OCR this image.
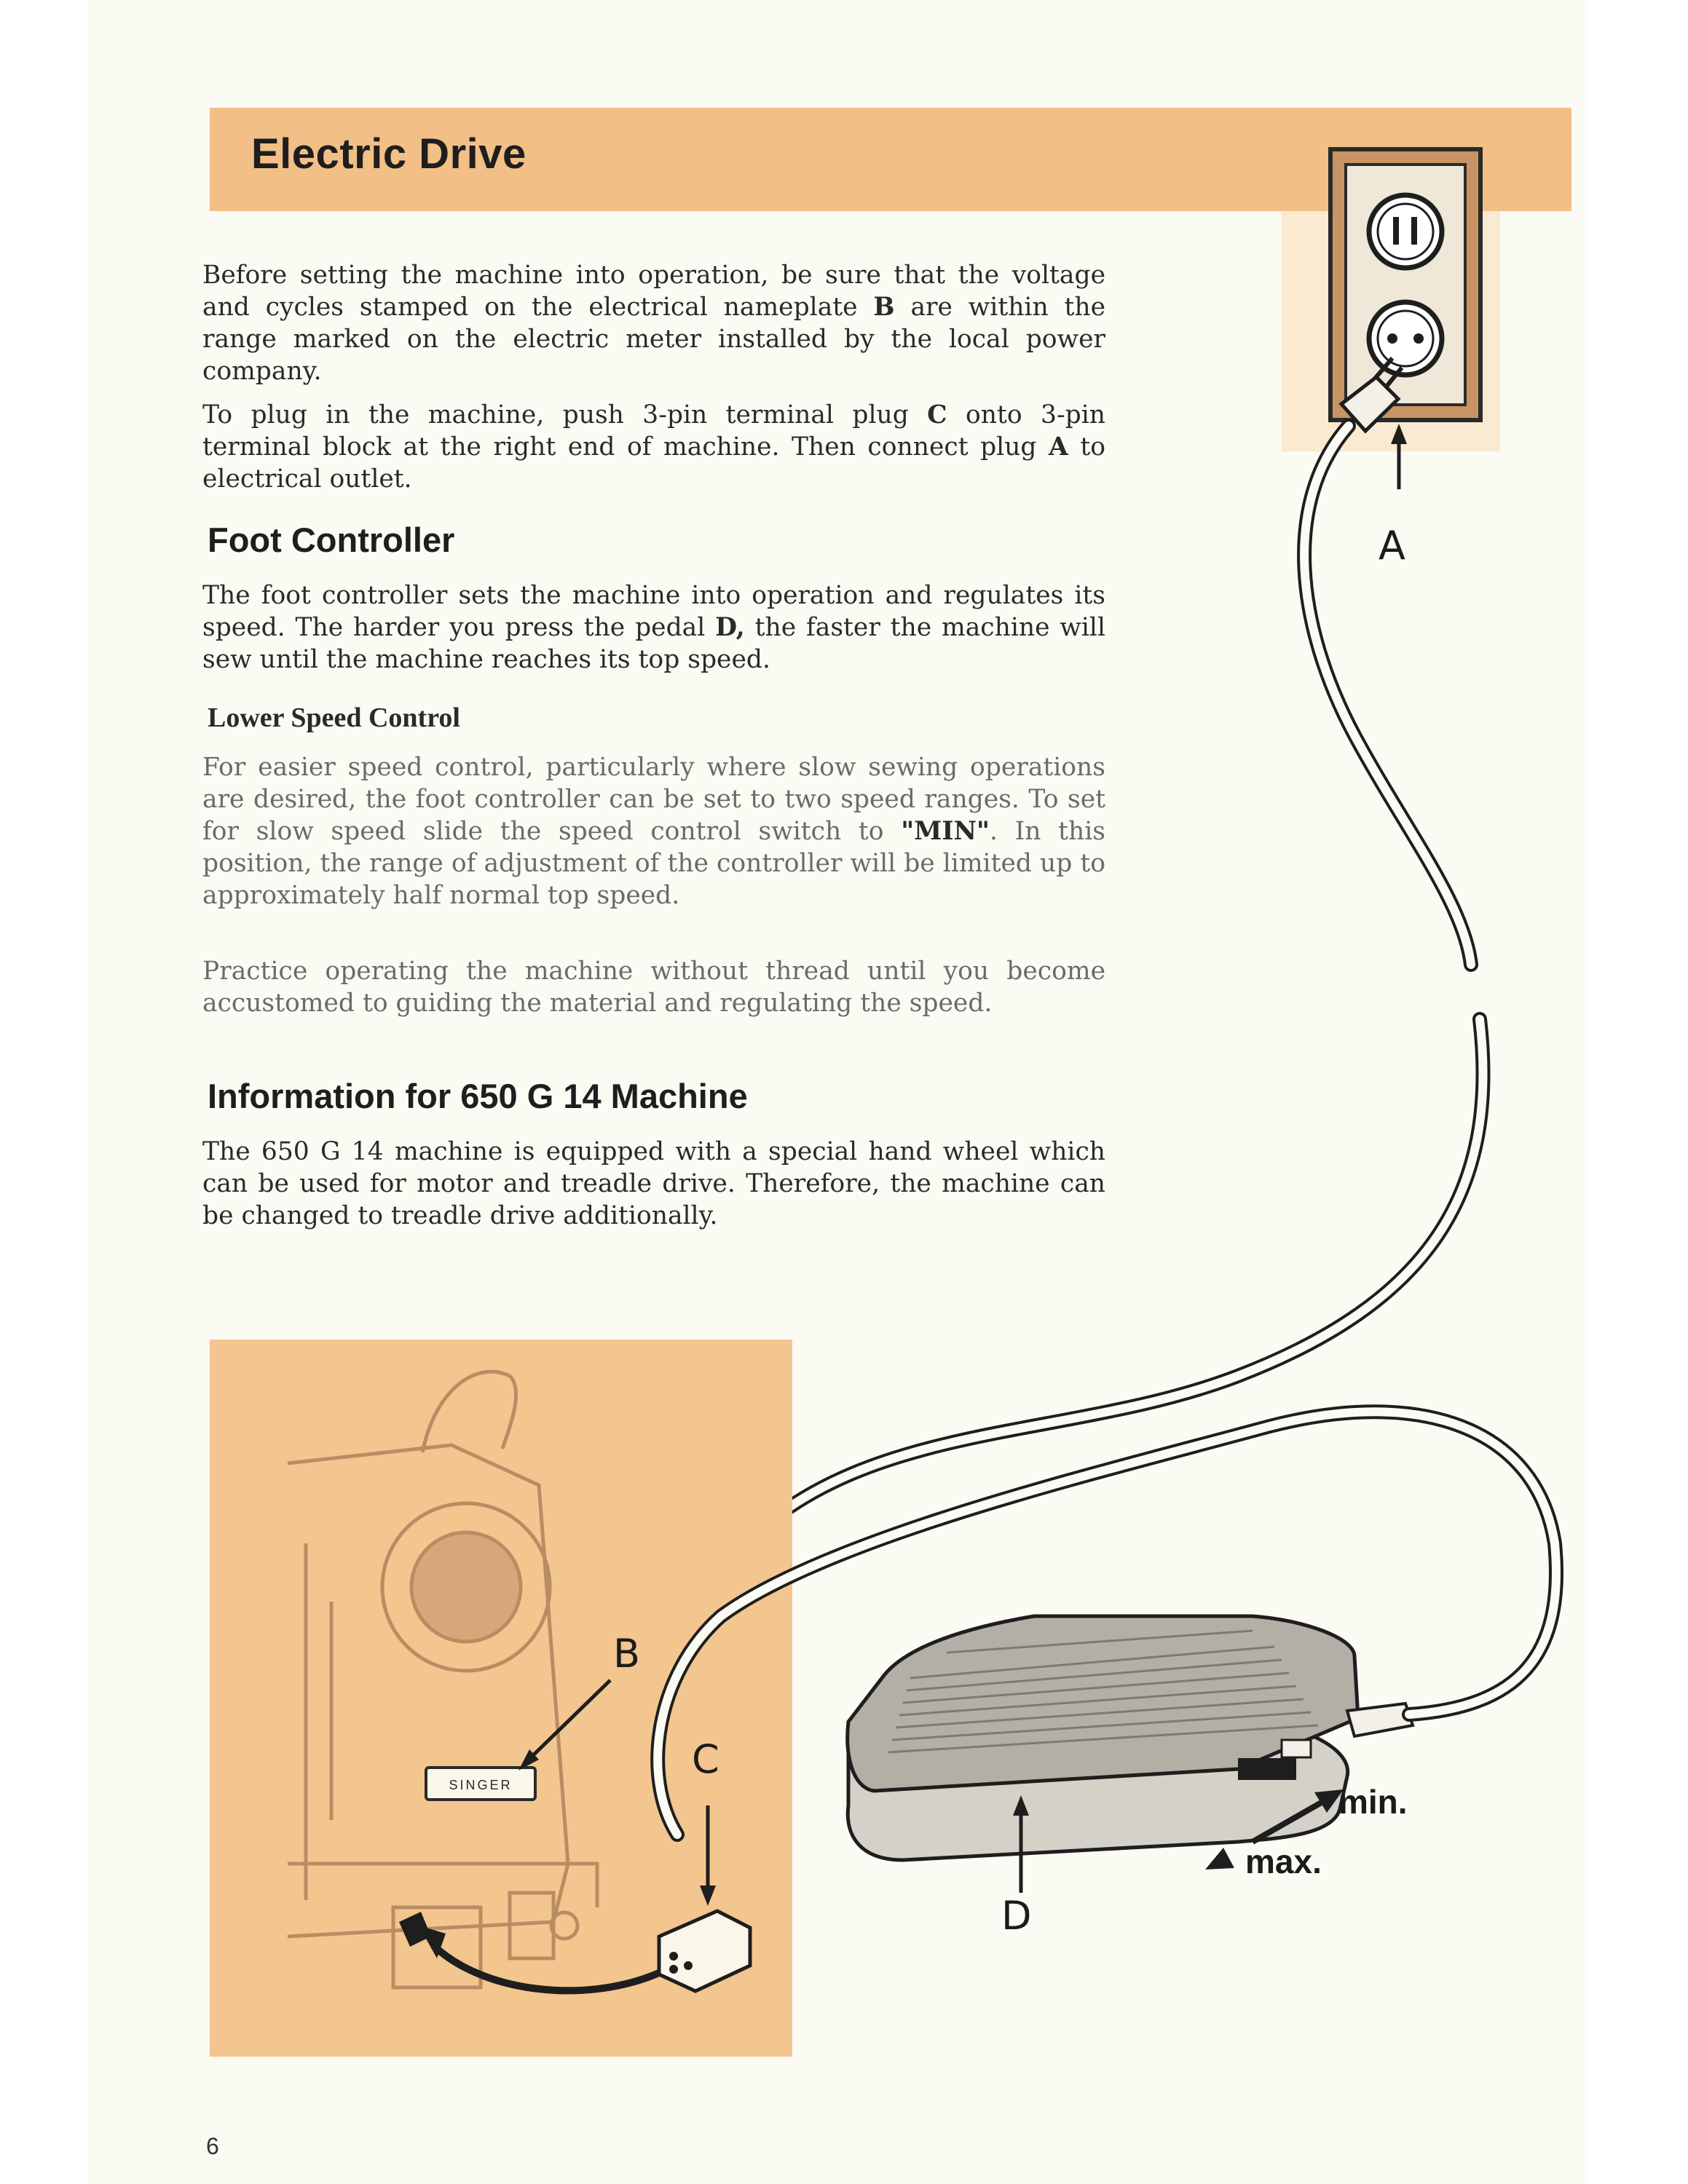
Electric Drive
SINGER

Before setting the machine into operation, be sure that the voltage and cycles stamped on the electrical nameplate B are within the range marked on the electric meter installed by the local power company.

To plug in the machine, push 3-pin terminal plug C onto 3-pin terminal block at the right end of machine. Then connect plug A to electrical outlet.

Foot Controller

The foot controller sets the machine into operation and regulates its speed. The harder you press the pedal D, the faster the machine will sew until the machine reaches its top speed.

Lower Speed Control

For easier speed control, particularly where slow sewing operations are desired, the foot controller can be set to two speed ranges. To set for slow speed slide the speed control switch to "MIN". In this position, the range of adjustment of the controller will be limited up to approximately half normal top speed.

Practice operating the machine without thread until you become accustomed to guiding the material and regulating the speed.

Information for 650 G 14 Machine

The 650 G 14 machine is equipped with a special hand wheel which can be used for motor and treadle drive. Therefore, the machine can be changed to treadle drive additionally.

A
B
C
D
min.
max.
6
